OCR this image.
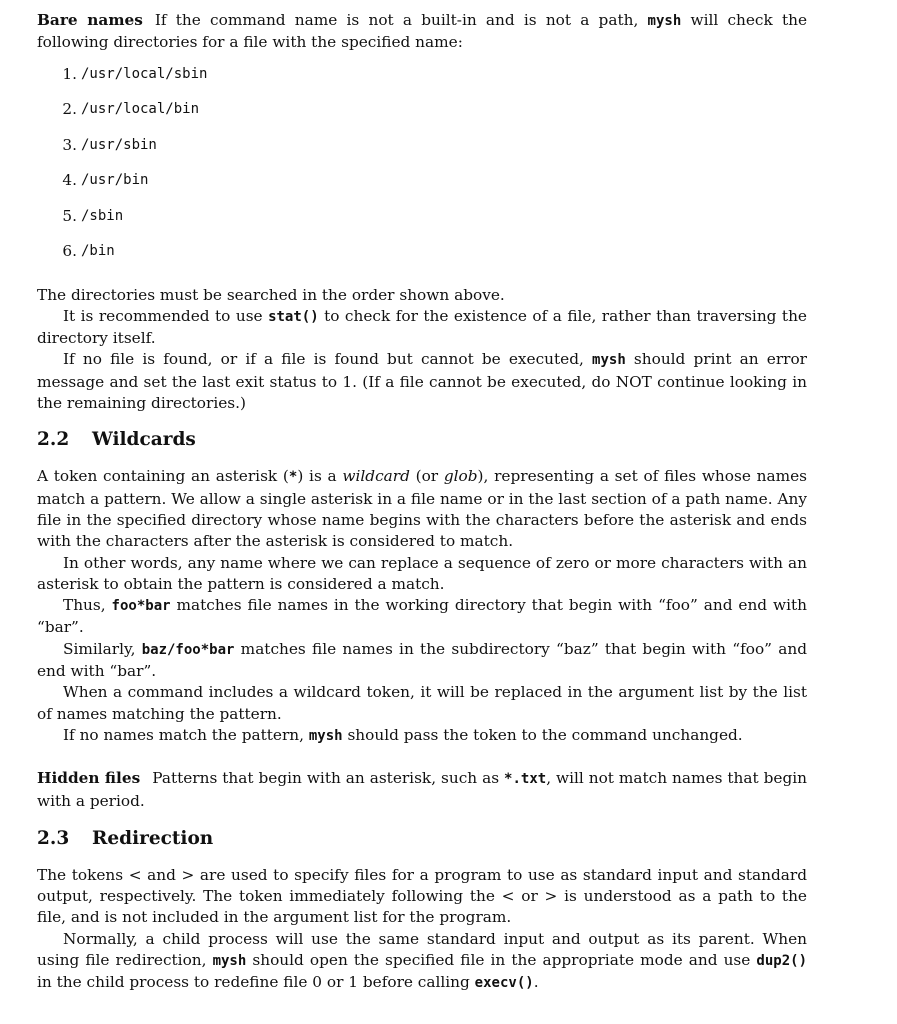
Bare names If the command name is not a built-in and is not a path, mysh will check the following directories for a file with the specified name:

1. /usr/local/sbin
2. /usr/local/bin
3. /usr/sbin
4. /usr/bin
5. /sbin
6. /bin

The directories must be searched in the order shown above.

It is recommended to use stat() to check for the existence of a file, rather than traversing the directory itself.

If no file is found, or if a file is found but cannot be executed, mysh should print an error message and set the last exit status to 1. (If a file cannot be executed, do NOT continue looking in the remaining directories.)

2.2 Wildcards

A token containing an asterisk (*) is a wildcard (or glob), representing a set of files whose names match a pattern. We allow a single asterisk in a file name or in the last section of a path name. Any file in the specified directory whose name begins with the characters before the asterisk and ends with the characters after the asterisk is considered to match.

In other words, any name where we can replace a sequence of zero or more characters with an asterisk to obtain the pattern is considered a match.

Thus, foo*bar matches file names in the working directory that begin with “foo” and end with “bar”.

Similarly, baz/foo*bar matches file names in the subdirectory “baz” that begin with “foo” and end with “bar”.

When a command includes a wildcard token, it will be replaced in the argument list by the list of names matching the pattern.

If no names match the pattern, mysh should pass the token to the command unchanged.

Hidden files Patterns that begin with an asterisk, such as *.txt, will not match names that begin with a period.

2.3 Redirection

The tokens < and > are used to specify files for a program to use as standard input and standard output, respectively. The token immediately following the < or > is understood as a path to the file, and is not included in the argument list for the program.

Normally, a child process will use the same standard input and output as its parent. When using file redirection, mysh should open the specified file in the appropriate mode and use dup2() in the child process to redefine file 0 or 1 before calling execv().
